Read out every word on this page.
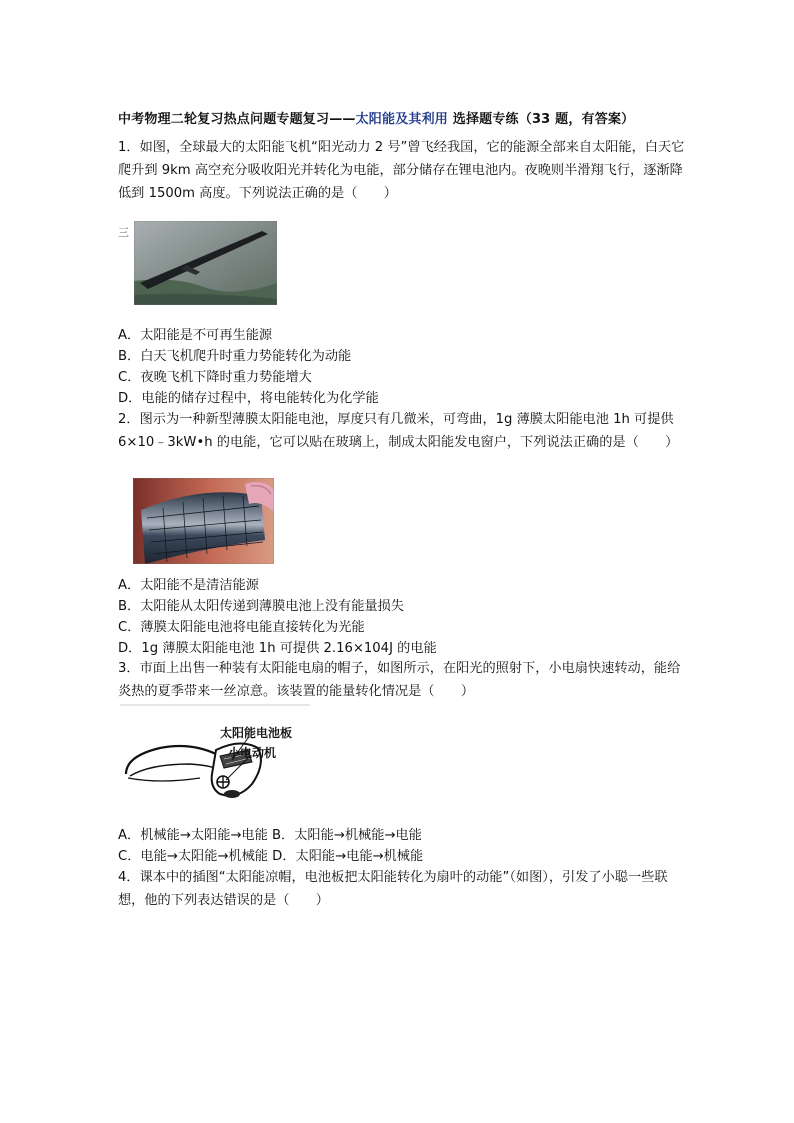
中考物理二轮复习热点问题专题复习——太阳能及其利用 选择题专练（33 题，有答案）
1．如图，全球最大的太阳能飞机“阳光动力 2 号”曾飞经我国，它的能源全部来自太阳能，白天它爬升到 9km 高空充分吸收阳光并转化为电能，部分储存在锂电池内。夜晚则半滑翔飞行，逐渐降低到 1500m 高度。下列说法正确的是（　　）
三
A．太阳能是不可再生能源
B．白天飞机爬升时重力势能转化为动能
C．夜晚飞机下降时重力势能增大
D．电能的储存过程中，将电能转化为化学能
2．图示为一种新型薄膜太阳能电池，厚度只有几微米，可弯曲，1g 薄膜太阳能电池 1h 可提供 6×10﹣3kW•h 的电能，它可以贴在玻璃上，制成太阳能发电窗户，下列说法正确的是（　　）
A．太阳能不是清洁能源
B．太阳能从太阳传递到薄膜电池上没有能量损失
C．薄膜太阳能电池将电能直接转化为光能
D．1g 薄膜太阳能电池 1h 可提供 2.16×104J 的电能
3．市面上出售一种装有太阳能电扇的帽子，如图所示，在阳光的照射下，小电扇快速转动，能给炎热的夏季带来一丝凉意。该装置的能量转化情况是（　　）
太阳能电池板
小电动机
A．机械能→太阳能→电能 B．太阳能→机械能→电能
C．电能→太阳能→机械能 D．太阳能→电能→机械能
4．课本中的插图“太阳能凉帽，电池板把太阳能转化为扇叶的动能”（如图），引发了小聪一些联想，他的下列表达错误的是（　　）
